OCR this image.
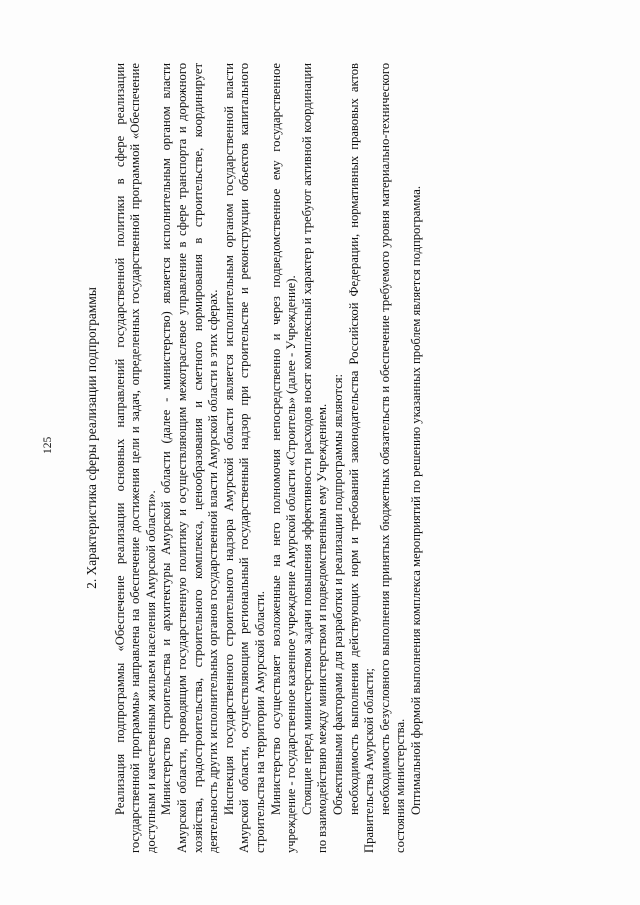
125 2. Характеристика сферы реализации подпрограммы Реализация подпрограммы «Обеспечение реализации основных направлений государственной политики в сфере реализации государственной программы» направлена на обеспечение достижения цели и задач, определенных государственной программой «Обеспечение доступным и качественным жильем населения Амурской области». Министерство строительства и архитектуры Амурской области (далее - министерство) является исполнительным органом власти Амурской области, проводящим государственную политику и осуществляющим межотраслевое управление в сфере транспорта и дорожного хозяйства, градостроительства, строительного комплекса, ценообразования и сметного нормирования в строительстве, координирует деятельность других исполнительных органов государственной власти Амурской области в этих сферах. Инспекция государственного строительного надзора Амурской области является исполнительным органом государственной власти Амурской области, осуществляющим региональный государственный надзор при строительстве и реконструкции объектов капитального строительства на территории Амурской области. Министерство осуществляет возложенные на него полномочия непосредственно и через подведомственное ему государственное учреждение - государственное казенное учреждение Амурской области «Строитель» (далее - Учреждение). Стоящие перед министерством задачи повышения эффективности расходов носят комплексный характер и требуют активной координации по взаимодействию между министерством и подведомственным ему Учреждением. Объективными факторами для разработки и реализации подпрограммы являются: необходимость выполнения действующих норм и требований законодательства Российской Федерации, нормативных правовых актов Правительства Амурской области; необходимость безусловного выполнения принятых бюджетных обязательств и обеспечение требуемого уровня материально-технического состояния министерства. Оптимальной формой выполнения комплекса мероприятий по решению указанных проблем является подпрограмма.
